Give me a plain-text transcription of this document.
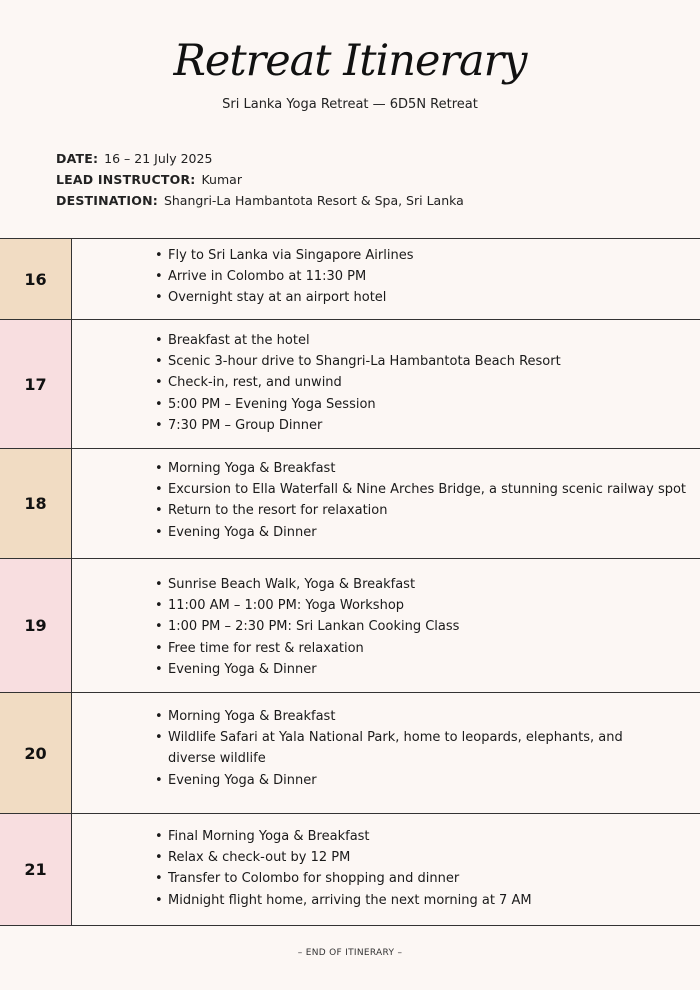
Retreat Itinerary
Sri Lanka Yoga Retreat — 6D5N Retreat
DATE: 16 – 21 July 2025
LEAD INSTRUCTOR: Kumar
DESTINATION: Shangri-La Hambantota Resort & Spa, Sri Lanka
16
• Fly to Sri Lanka via Singapore Airlines
• Arrive in Colombo at 11:30 PM
• Overnight stay at an airport hotel
17
• Breakfast at the hotel
• Scenic 3-hour drive to Shangri-La Hambantota Beach Resort
• Check-in, rest, and unwind
• 5:00 PM – Evening Yoga Session
• 7:30 PM – Group Dinner
18
• Morning Yoga & Breakfast
• Excursion to Ella Waterfall & Nine Arches Bridge, a stunning scenic railway spot
• Return to the resort for relaxation
• Evening Yoga & Dinner
19
• Sunrise Beach Walk, Yoga & Breakfast
• 11:00 AM – 1:00 PM: Yoga Workshop
• 1:00 PM – 2:30 PM: Sri Lankan Cooking Class
• Free time for rest & relaxation
• Evening Yoga & Dinner
20
• Morning Yoga & Breakfast
• Wildlife Safari at Yala National Park, home to leopards, elephants, and diverse wildlife
• Evening Yoga & Dinner
21
• Final Morning Yoga & Breakfast
• Relax & check-out by 12 PM
• Transfer to Colombo for shopping and dinner
• Midnight flight home, arriving the next morning at 7 AM
– END OF ITINERARY –
